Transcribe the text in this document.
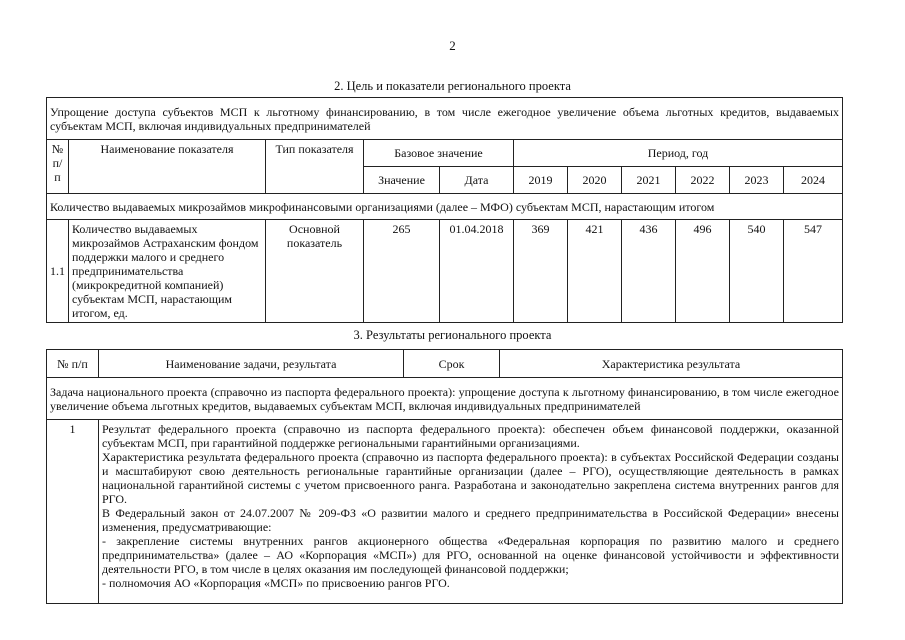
2
2. Цель и показатели регионального проекта
Упрощение доступа субъектов МСП к льготному финансированию, в том числе ежегодное увеличение объема льготных кредитов, выдаваемых субъектам МСП, включая индивидуальных предпринимателей										
№ п/п	Наименование показателя	Тип показателя	Базовое значение		Период, год					
			Значение	Дата	2019	2020	2021	2022	2023	2024
Количество выдаваемых микрозаймов микрофинансовыми организациями (далее – МФО) субъектам МСП, нарастающим итогом										
1.1	Количество выдаваемых микрозаймов Астраханским фондом поддержки малого и среднего предпринимательства (микрокредитной компанией) субъектам МСП, нарастающим итогом, ед.	Основной показатель	265	01.04.2018	369	421	436	496	540	547
3. Результаты регионального проекта
№ п/п	Наименование задачи, результата	Срок	Характеристика результата
Задача национального проекта (справочно из паспорта федерального проекта): упрощение доступа к льготному финансированию, в том числе ежегодное увеличение объема льготных кредитов, выдаваемых субъектам МСП, включая индивидуальных предпринимателей			
1	Результат федерального проекта (справочно из паспорта федерального проекта): обеспечен объем финансовой поддержки, оказанной субъектам МСП, при гарантийной поддержке региональными гарантийными организациями.
Характеристика результата федерального проекта (справочно из паспорта федерального проекта): в субъектах Российской Федерации созданы и масштабируют свою деятельность региональные гарантийные организации (далее – РГО), осуществляющие деятельность в рамках национальной гарантийной системы с учетом присвоенного ранга. Разработана и законодательно закреплена система внутренних рангов для РГО.
В Федеральный закон от 24.07.2007 № 209-ФЗ «О развитии малого и среднего предпринимательства в Российской Федерации» внесены изменения, предусматривающие:
- закрепление системы внутренних рангов акционерного общества «Федеральная корпорация по развитию малого и среднего предпринимательства» (далее – АО «Корпорация «МСП») для РГО, основанной на оценке финансовой устойчивости и эффективности деятельности РГО, в том числе в целях оказания им последующей финансовой поддержки;
- полномочия АО «Корпорация «МСП» по присвоению рангов РГО.		
